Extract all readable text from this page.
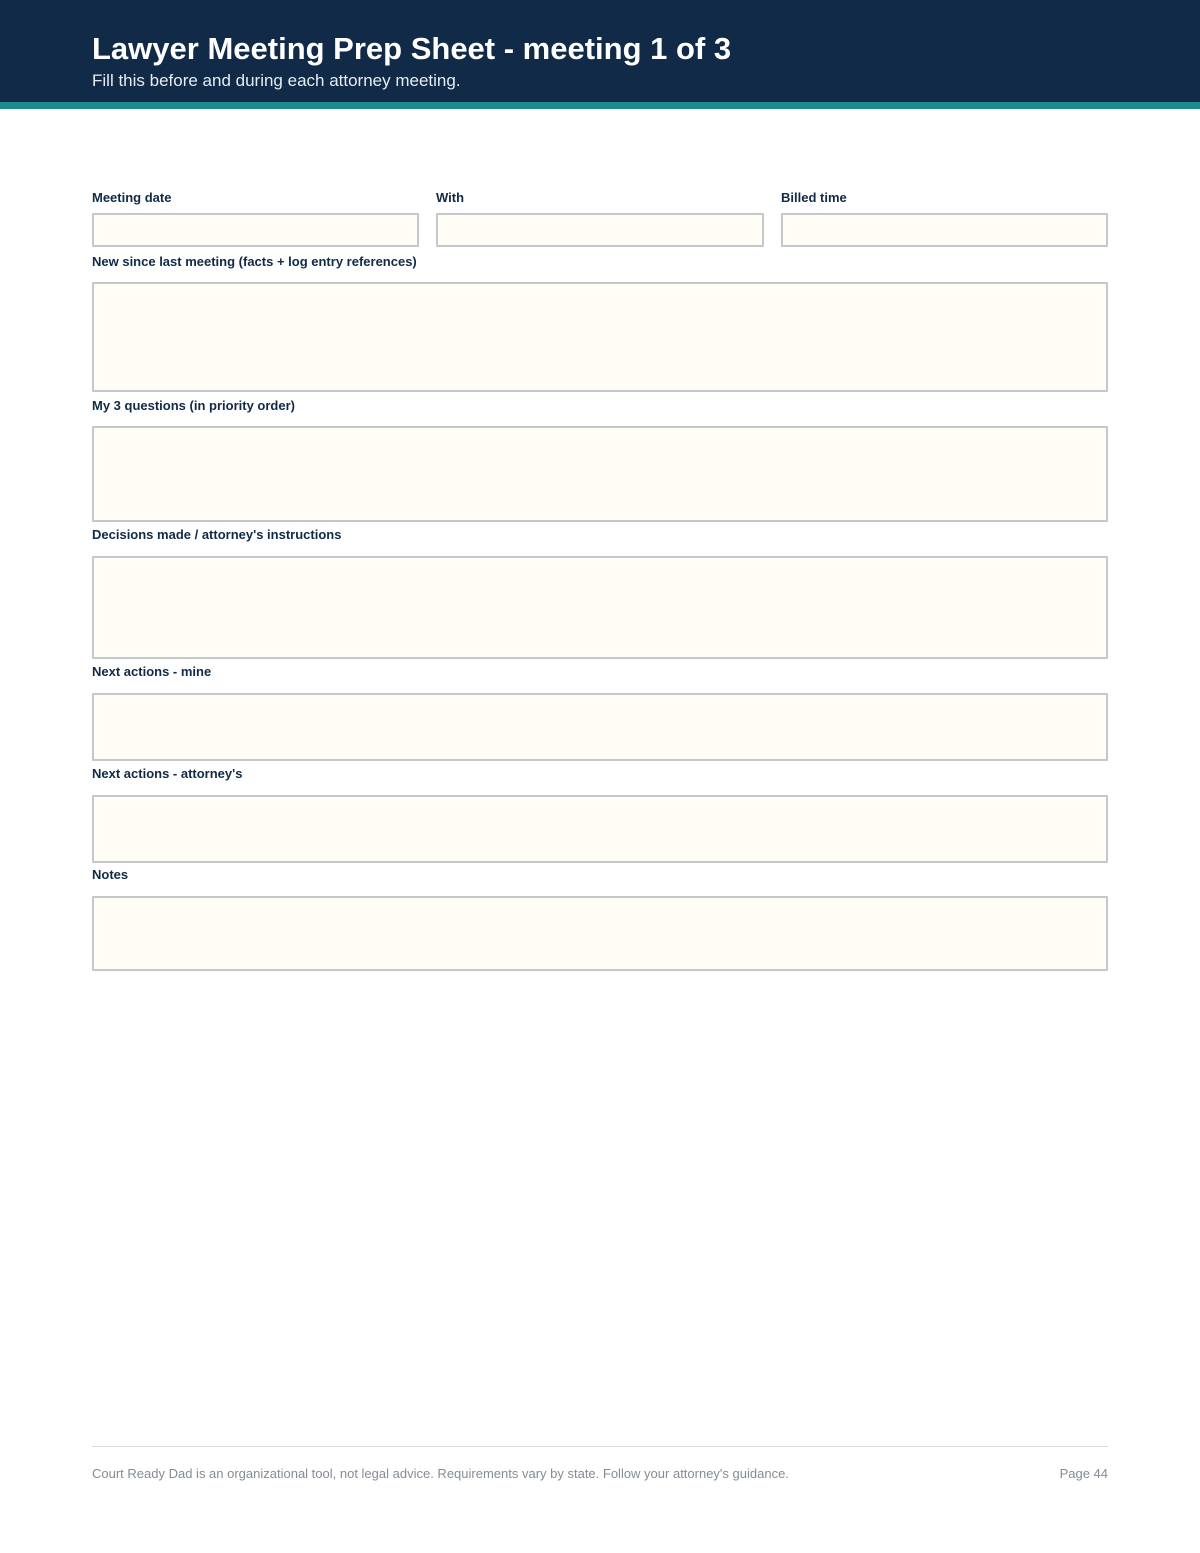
Lawyer Meeting Prep Sheet - meeting 1 of 3

Fill this before and during each attorney meeting.

Meeting date	With	Billed time
New since last meeting (facts + log entry references)
My 3 questions (in priority order)
Decisions made / attorney's instructions
Next actions - mine
Next actions - attorney's
Notes
Court Ready Dad is an organizational tool, not legal advice. Requirements vary by state. Follow your attorney's guidance.	Page 44
